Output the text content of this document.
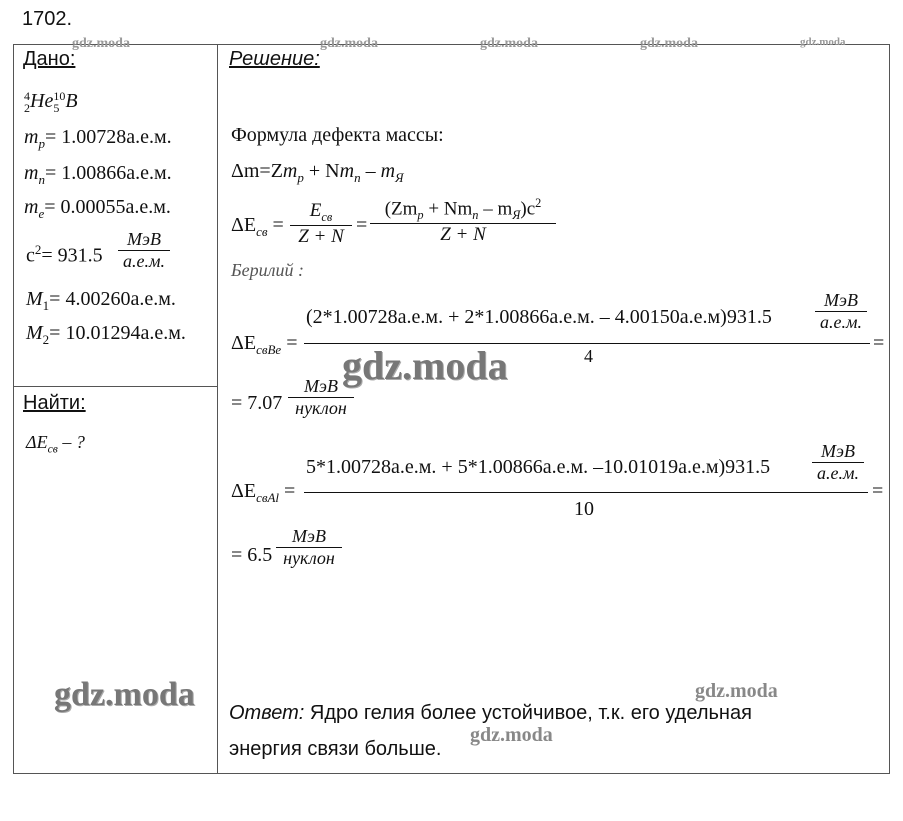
1702.
Дано:
4
2He10
5 B
$m_p= 1.00728а.е.м$.
$m_n= 1.00866а.е.м$.
$m_e= 0.00055а.е.м$.
$c^2= 931.5$
МэВ
а.е.м.
$M_1= 4.00260а.е.м$.
$M_2= 10.01294а.е.м$.
Найти:
$\Delta E_{св}$ – ?
Решение:
Формула дефекта массы:
$\Delta m=Zm_p + Nm_n - m_Я$
$\Delta E_{св}$ =
$E_{св}$
Z + N
=
$(Zm_p + Nm_n - m_Я)c^2$
Z + N
Берилий :
$\Delta E_{свBe}$ =
(2*1.00728а.е.м. + 2*1.00866а.е.м. – 4.00150а.е.м)931.5
МэВ
а.е.м.
4
=
= 7.07
МэВ
нуклон
$\Delta E_{свAl}$ =
5*1.00728а.е.м. + 5*1.00866а.е.м. –10.01019а.е.м)931.5
МэВ
а.е.м.
10
=
= 6.5
МэВ
нуклон
Ответ: Ядро гелия более устойчивое, т.к. его удельная
энергия связи больше.
gdz.moda	gdz.moda	gdz.moda	gdz.moda	gdz.moda
gdz.moda
gdz.moda
gdz.moda
gdz.moda
